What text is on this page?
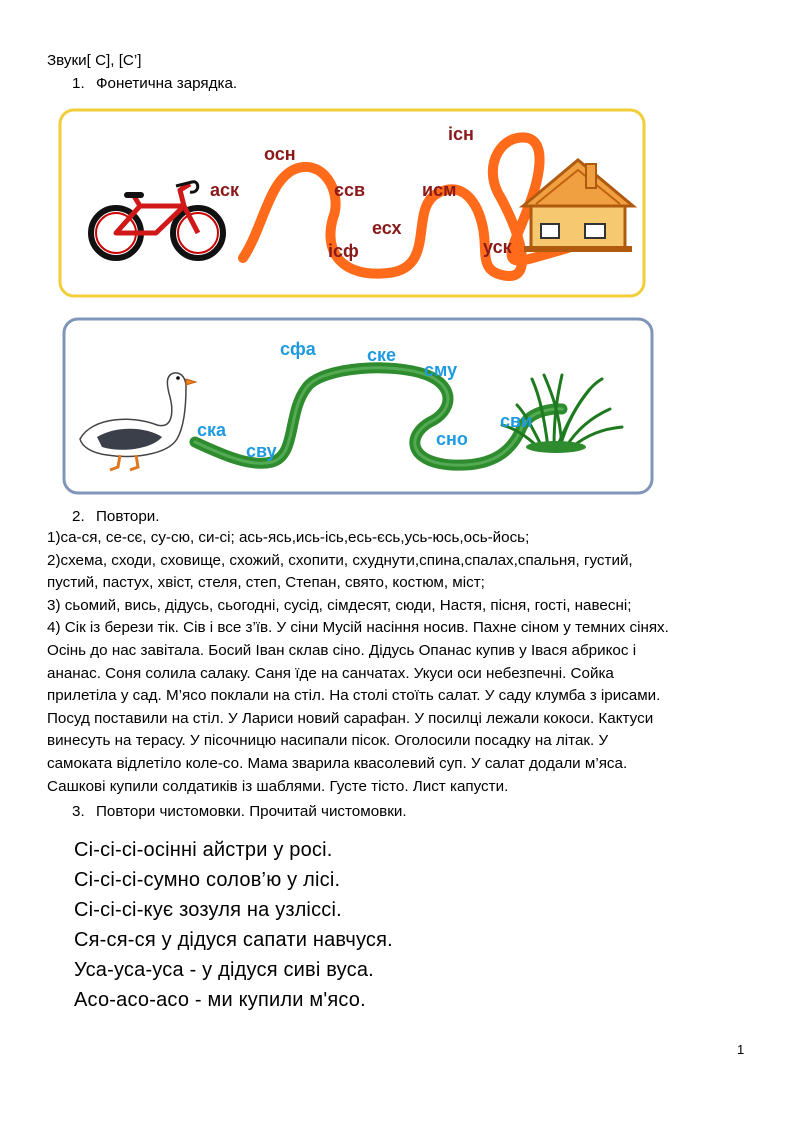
Звуки[ С], [С’]
1. Фонетична зарядка.
аск
осн
єсв
ісф
есх
існ
исм
уск
ска
сву
сфа	ске
сму
сно
сви
2. Повтори.
1)са-ся, се-сє, су-сю, си-сі; ась-ясь,ись-ісь,есь-єсь,усь-юсь,ось-йось;
2)схема, сходи, сховище, схожий, схопити, схуднути,спина,спалах,спальня, густий,
пустий, пастух, хвіст, стеля, степ, Степан, свято, костюм, міст;
3) сьомий, вись, дідусь, сьогодні, сусід, сімдесят, сюди, Настя, пісня, гості, навесні;
4) Сік із берези тік. Сів і все з’їв. У сіни Мусій насіння носив. Пахне сіном у темних сінях.
Осінь до нас завітала. Босий Іван склав сіно. Дідусь Опанас купив у Івася абрикос і
ананас. Соня солила салаку. Саня їде на санчатах. Укуси оси небезпечні. Сойка
прилетіла у сад. М’ясо поклали на стіл. На столі стоїть салат. У саду клумба з ірисами.
Посуд поставили на стіл. У Лариси новий сарафан. У посилці лежали кокоси. Кактуси
винесуть на терасу. У пісочницю насипали пісок. Оголосили посадку на літак. У
самоката відлетіло коле-со. Мама зварила квасолевий суп. У салат додали м’яса.
Сашкові купили солдатиків із шаблями. Густе тісто. Лист капусти.
3. Повтори чистомовки. Прочитай чистомовки.
Сі-сі-сі-осінні айстри у росі.
Сі-сі-сі-сумно солов’ю у лісі.
Сі-сі-сі-кує зозуля на узліссі.
Ся-ся-ся у дідуся сапати навчуся.
Уса-уса-уса - у дідуся сиві вуса.
Асо-асо-асо - ми купили м'ясо.
1
